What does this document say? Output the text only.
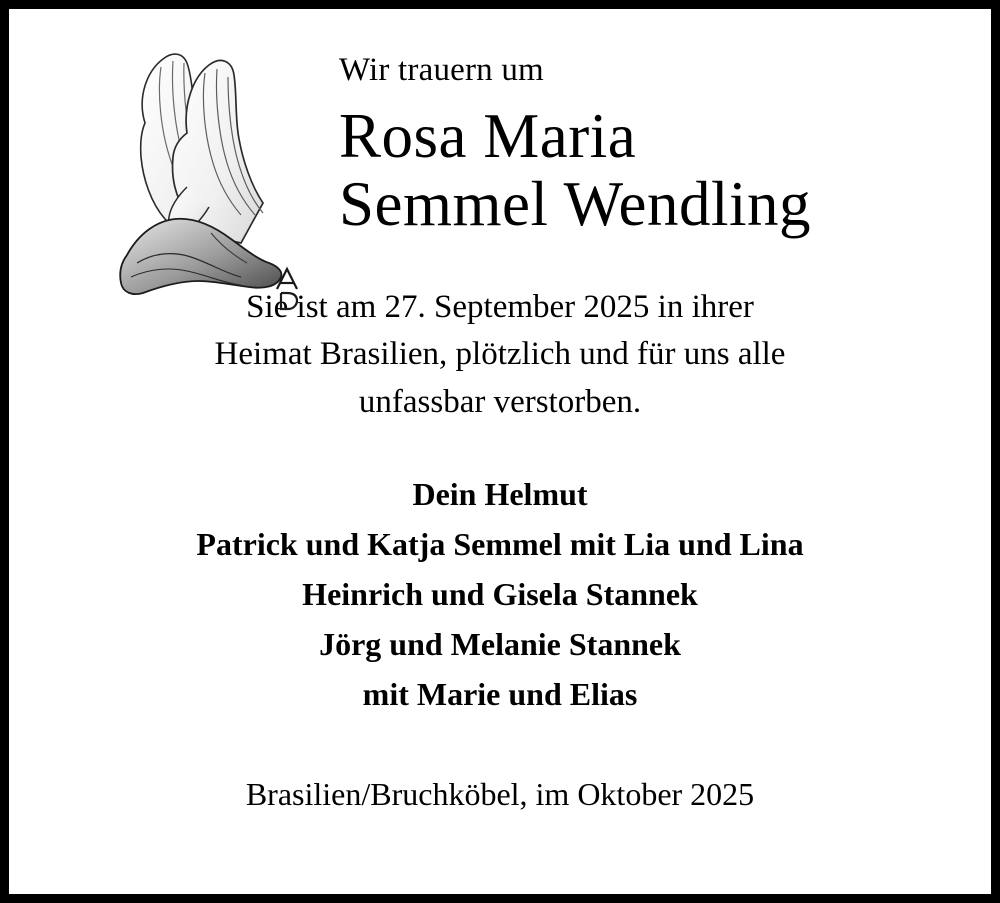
Wir trauern um
Rosa Maria
Semmel Wendling
Sie ist am 27. September 2025 in ihrer
Heimat Brasilien, plötzlich und für uns alle
unfassbar verstorben.
Dein Helmut
Patrick und Katja Semmel mit Lia und Lina
Heinrich und Gisela Stannek
Jörg und Melanie Stannek
mit Marie und Elias
Brasilien/Bruchköbel, im Oktober 2025
